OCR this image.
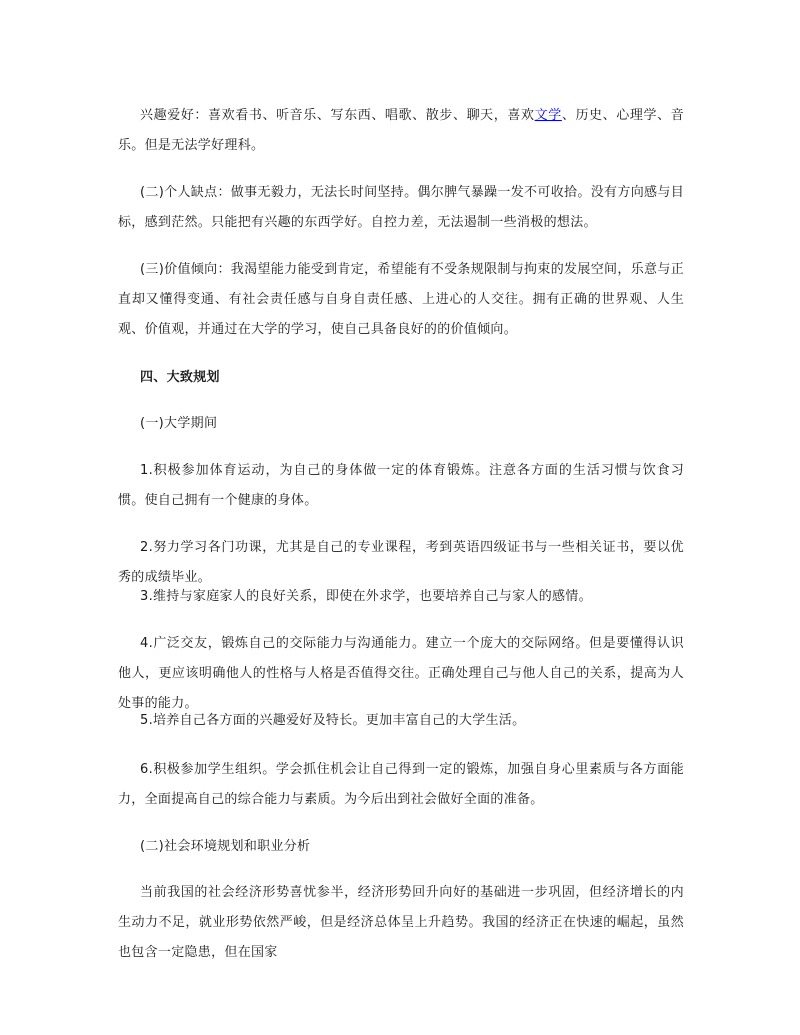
兴趣爱好：喜欢看书、听音乐、写东西、唱歌、散步、聊天，喜欢文学、历史、心理学、音乐。但是无法学好理科。

(二)个人缺点：做事无毅力，无法长时间坚持。偶尔脾气暴躁一发不可收拾。没有方向感与目标，感到茫然。只能把有兴趣的东西学好。自控力差，无法遏制一些消极的想法。

(三)价值倾向：我渴望能力能受到肯定，希望能有不受条规限制与拘束的发展空间，乐意与正直却又懂得变通、有社会责任感与自身自责任感、上进心的人交往。拥有正确的世界观、人生观、价值观，并通过在大学的学习，使自己具备良好的的价值倾向。

四、大致规划

(一)大学期间

1.积极参加体育运动，为自己的身体做一定的体育锻炼。注意各方面的生活习惯与饮食习惯。使自己拥有一个健康的身体。

2.努力学习各门功课，尤其是自己的专业课程，考到英语四级证书与一些相关证书，要以优秀的成绩毕业。

3.维持与家庭家人的良好关系，即使在外求学，也要培养自己与家人的感情。

4.广泛交友，锻炼自己的交际能力与沟通能力。建立一个庞大的交际网络。但是要懂得认识他人，更应该明确他人的性格与人格是否值得交往。正确处理自己与他人自己的关系，提高为人处事的能力。

5.培养自己各方面的兴趣爱好及特长。更加丰富自己的大学生活。

6.积极参加学生组织。学会抓住机会让自己得到一定的锻炼，加强自身心里素质与各方面能力，全面提高自己的综合能力与素质。为今后出到社会做好全面的准备。

(二)社会环境规划和职业分析

当前我国的社会经济形势喜忧参半，经济形势回升向好的基础进一步巩固，但经济增长的内生动力不足，就业形势依然严峻，但是经济总体呈上升趋势。我国的经济正在快速的崛起，虽然也包含一定隐患，但在国家
